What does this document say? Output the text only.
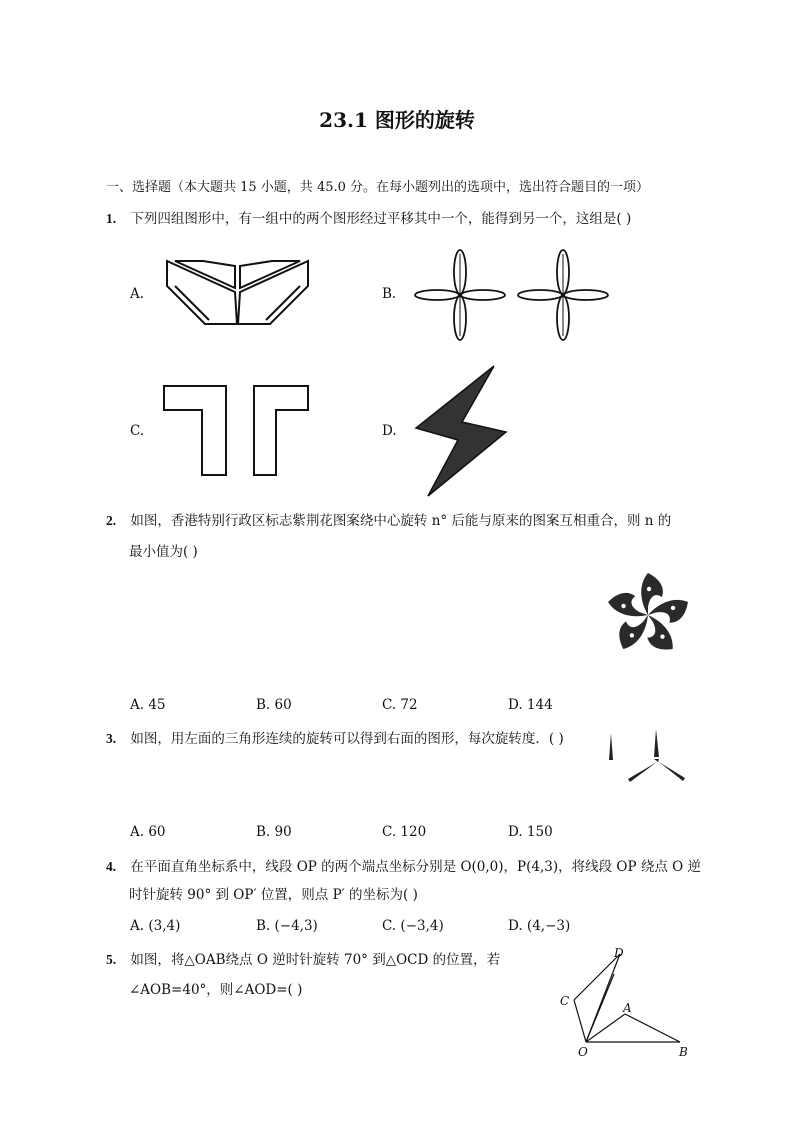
23.1 图形的旋转
一、选择题（本大题共 15 小题，共 45.0 分。在每小题列出的选项中，选出符合题目的一项）
1. 下列四组图形中，有一组中的两个图形经过平移其中一个，能得到另一个，这组是( )
A.	B.
C.	D.
2. 如图，香港特别行政区标志紫荆花图案绕中心旋转 n° 后能与原来的图案互相重合，则 n 的
最小值为( )
A. 45	B. 60	C. 72	D. 144
3. 如图，用左面的三角形连续的旋转可以得到右面的图形，每次旋转度．( )
A. 60	B. 90	C. 120	D. 150
4. 在平面直角坐标系中，线段 OP 的两个端点坐标分别是 O(0,0)，P(4,3)，将线段 OP 绕点 O 逆
时针旋转 90° 到 OP′ 位置，则点 P′ 的坐标为( )
A. (3,4)	B. (−4,3)	C. (−3,4)	D. (4,−3)
5. 如图，将△OAB绕点 O 逆时针旋转 70° 到△OCD 的位置，若
∠AOB=40°，则∠AOD=( )
D
C	A
O	B
